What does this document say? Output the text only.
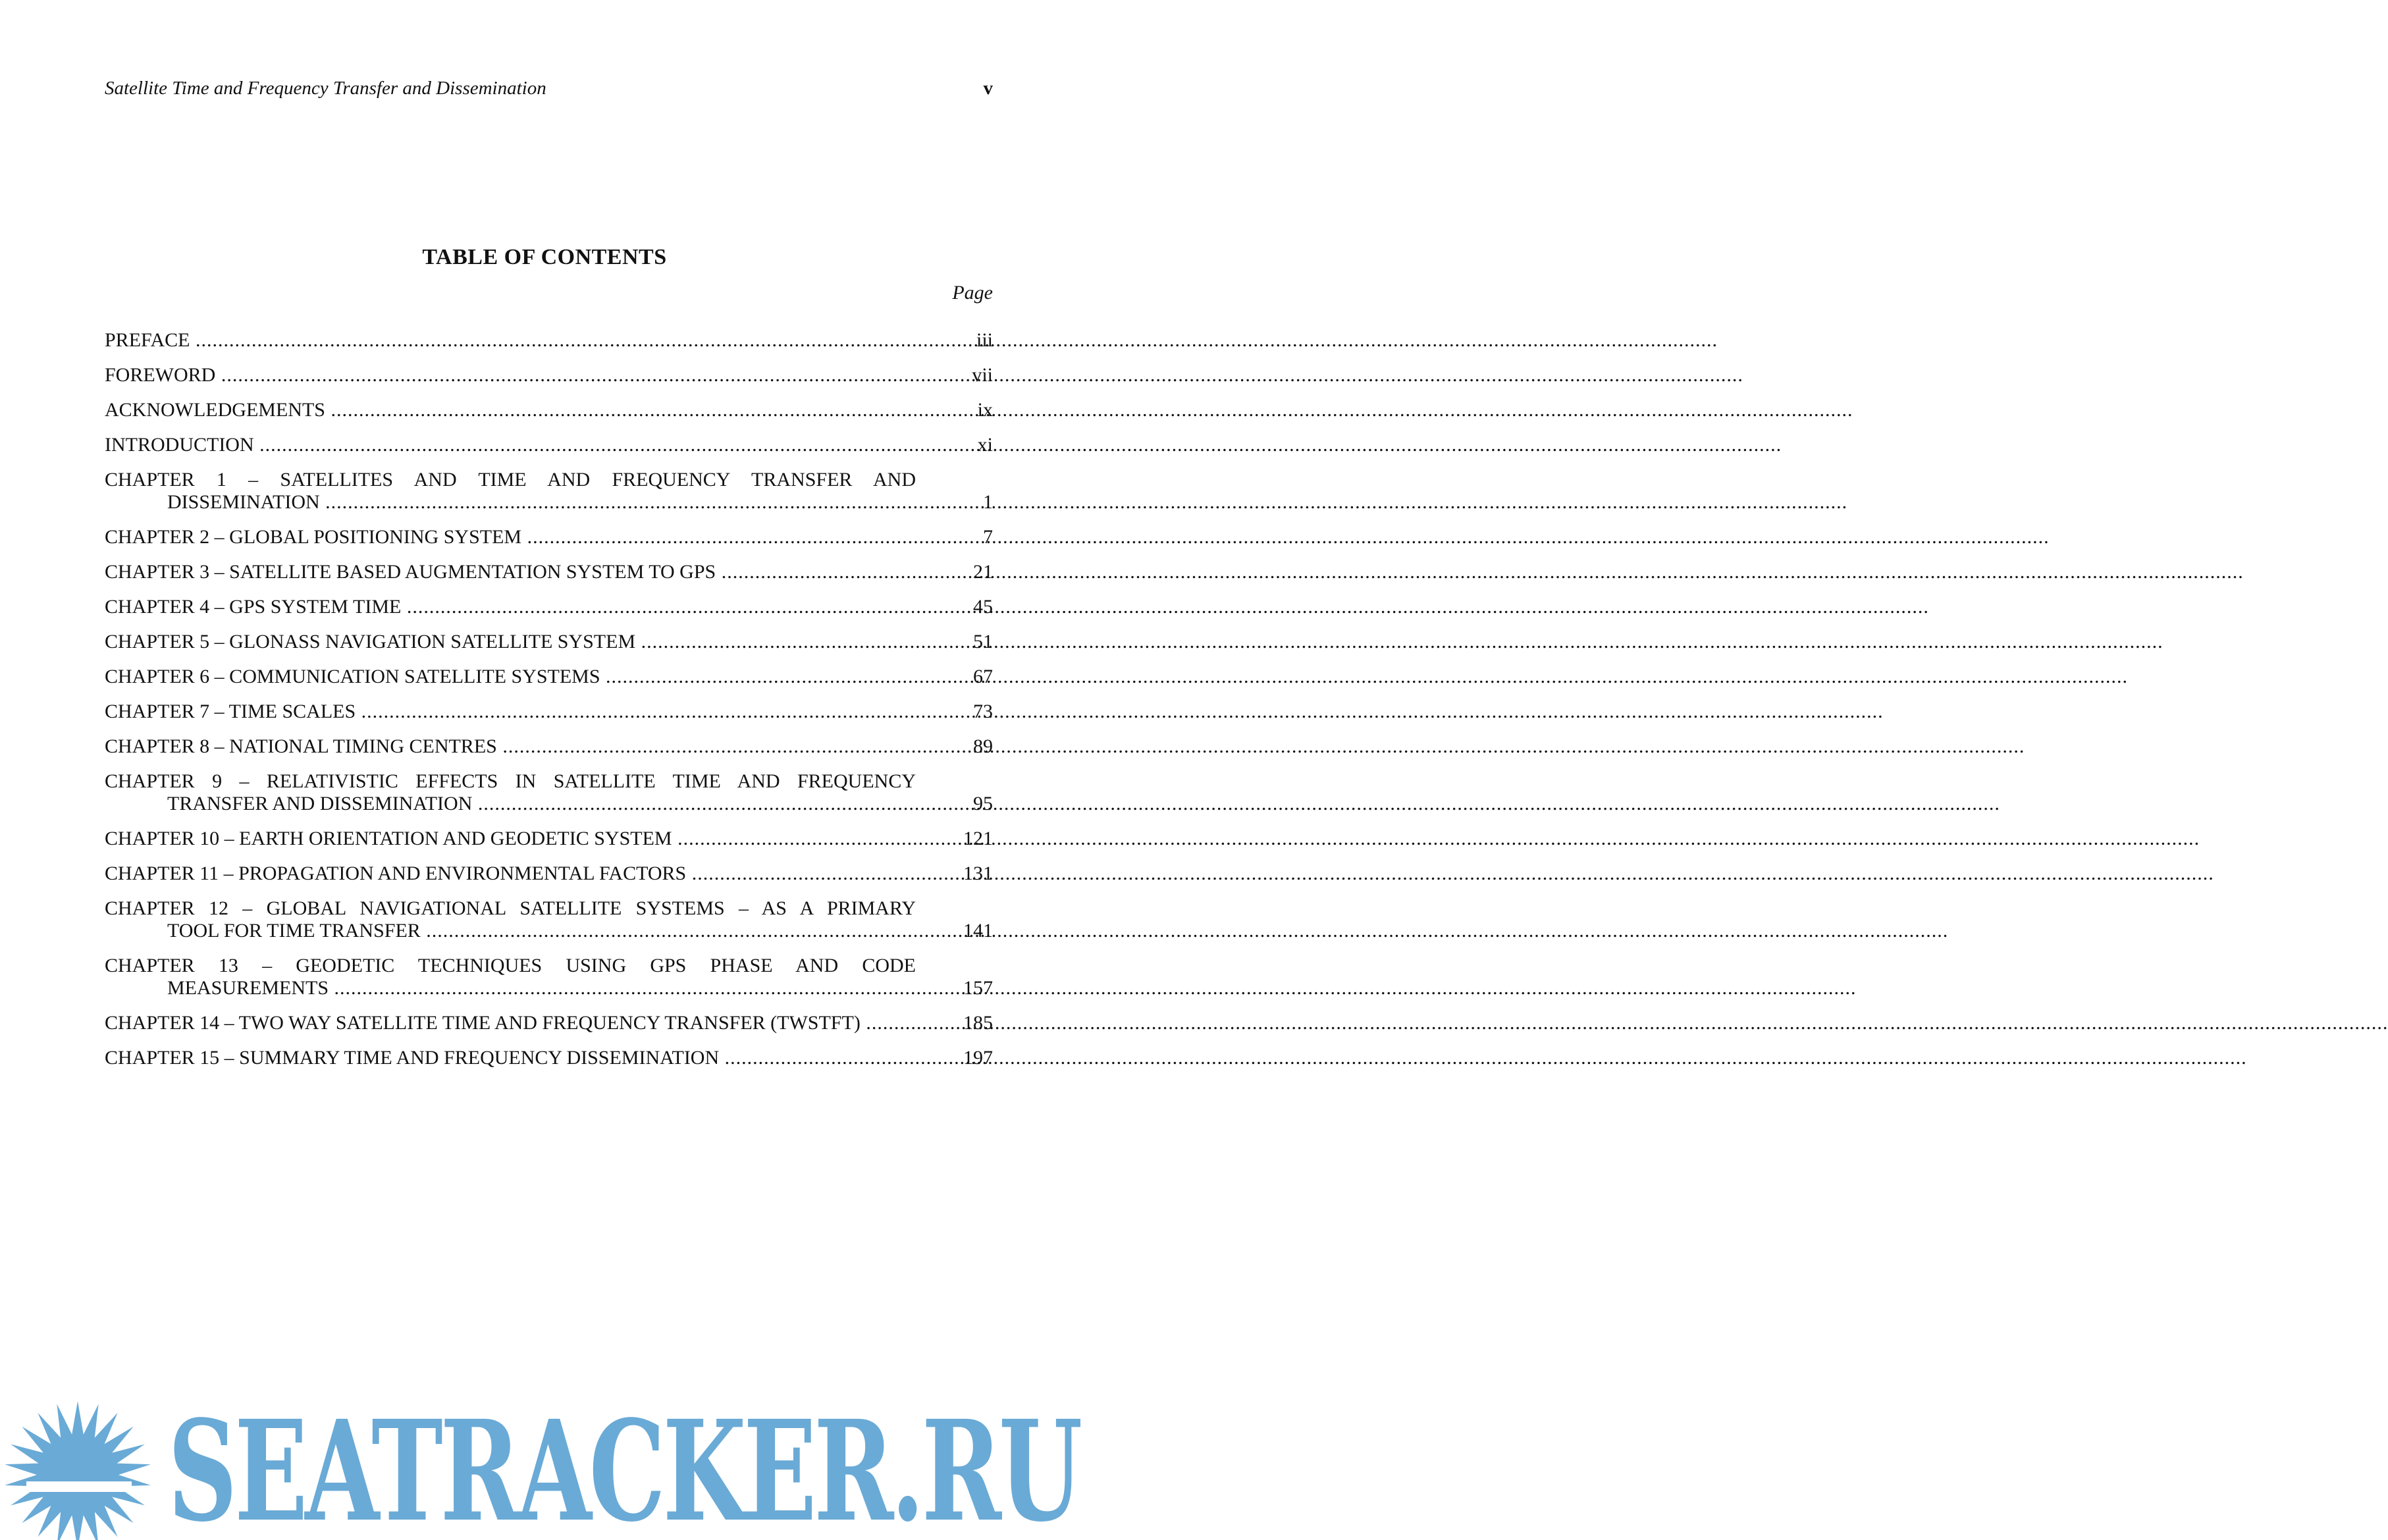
Satellite Time and Frequency Transfer and Dissemination	v
TABLE OF CONTENTS
Page
PREFACE .....	iii
FOREWORD .....	vii
ACKNOWLEDGEMENTS .....	ix
INTRODUCTION .....	xi
CHAPTER 1 – SATELLITES AND TIME AND FREQUENCY TRANSFER AND
DISSEMINATION .....	1
CHAPTER 2 – GLOBAL POSITIONING SYSTEM .....	7
CHAPTER 3 – SATELLITE BASED AUGMENTATION SYSTEM TO GPS .....	21
CHAPTER 4 – GPS SYSTEM TIME .....	45
CHAPTER 5 – GLONASS NAVIGATION SATELLITE SYSTEM .....	51
CHAPTER 6 – COMMUNICATION SATELLITE SYSTEMS .....	67
CHAPTER 7 – TIME SCALES .....	73
CHAPTER 8 – NATIONAL TIMING CENTRES .....	89
CHAPTER 9 – RELATIVISTIC EFFECTS IN SATELLITE TIME AND FREQUENCY
TRANSFER AND DISSEMINATION .....	95
CHAPTER 10 – EARTH ORIENTATION AND GEODETIC SYSTEM .....	121
CHAPTER 11 – PROPAGATION AND ENVIRONMENTAL FACTORS .....	131
CHAPTER 12 – GLOBAL NAVIGATIONAL SATELLITE SYSTEMS – AS A PRIMARY
TOOL FOR TIME TRANSFER .....	141
CHAPTER 13 – GEODETIC TECHNIQUES USING GPS PHASE AND CODE
MEASUREMENTS .....	157
CHAPTER 14 – TWO WAY SATELLITE TIME AND FREQUENCY TRANSFER (TWSTFT) .....	185
CHAPTER 15 – SUMMARY TIME AND FREQUENCY DISSEMINATION .....	197
SEATRACKER.RU
